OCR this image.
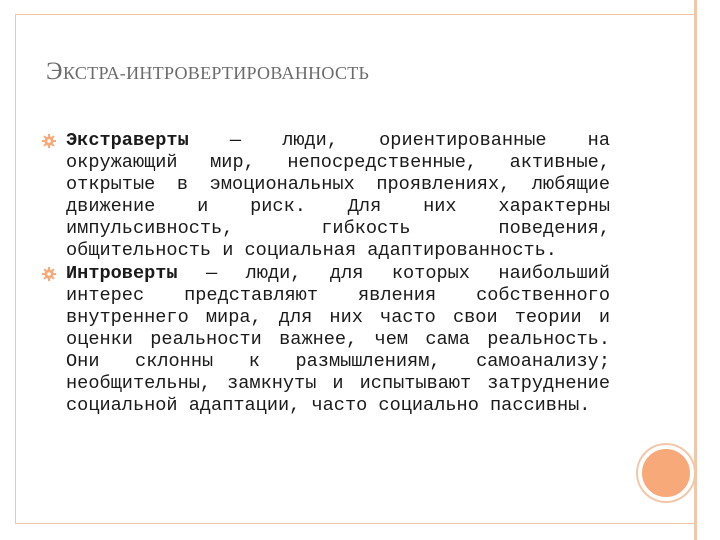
ЭКСТРА-ИНТРОВЕРТИРОВАННОСТЬ

Экстраверты — люди, ориентированные на окружающий мир, непосредственные, активные, открытые в эмоциональных проявлениях, любящие движение и риск. Для них характерны импульсивность, гибкость поведения, общительность и социальная адаптированность.

Интроверты — люди, для которых наибольший интерес представляют явления собственного внутреннего мира, для них часто свои теории и оценки реальности важнее, чем сама реальность. Они склонны к размышлениям, самоанализу; необщительны, замкнуты и испытывают затруднение социальной адаптации, часто социально пассивны.
